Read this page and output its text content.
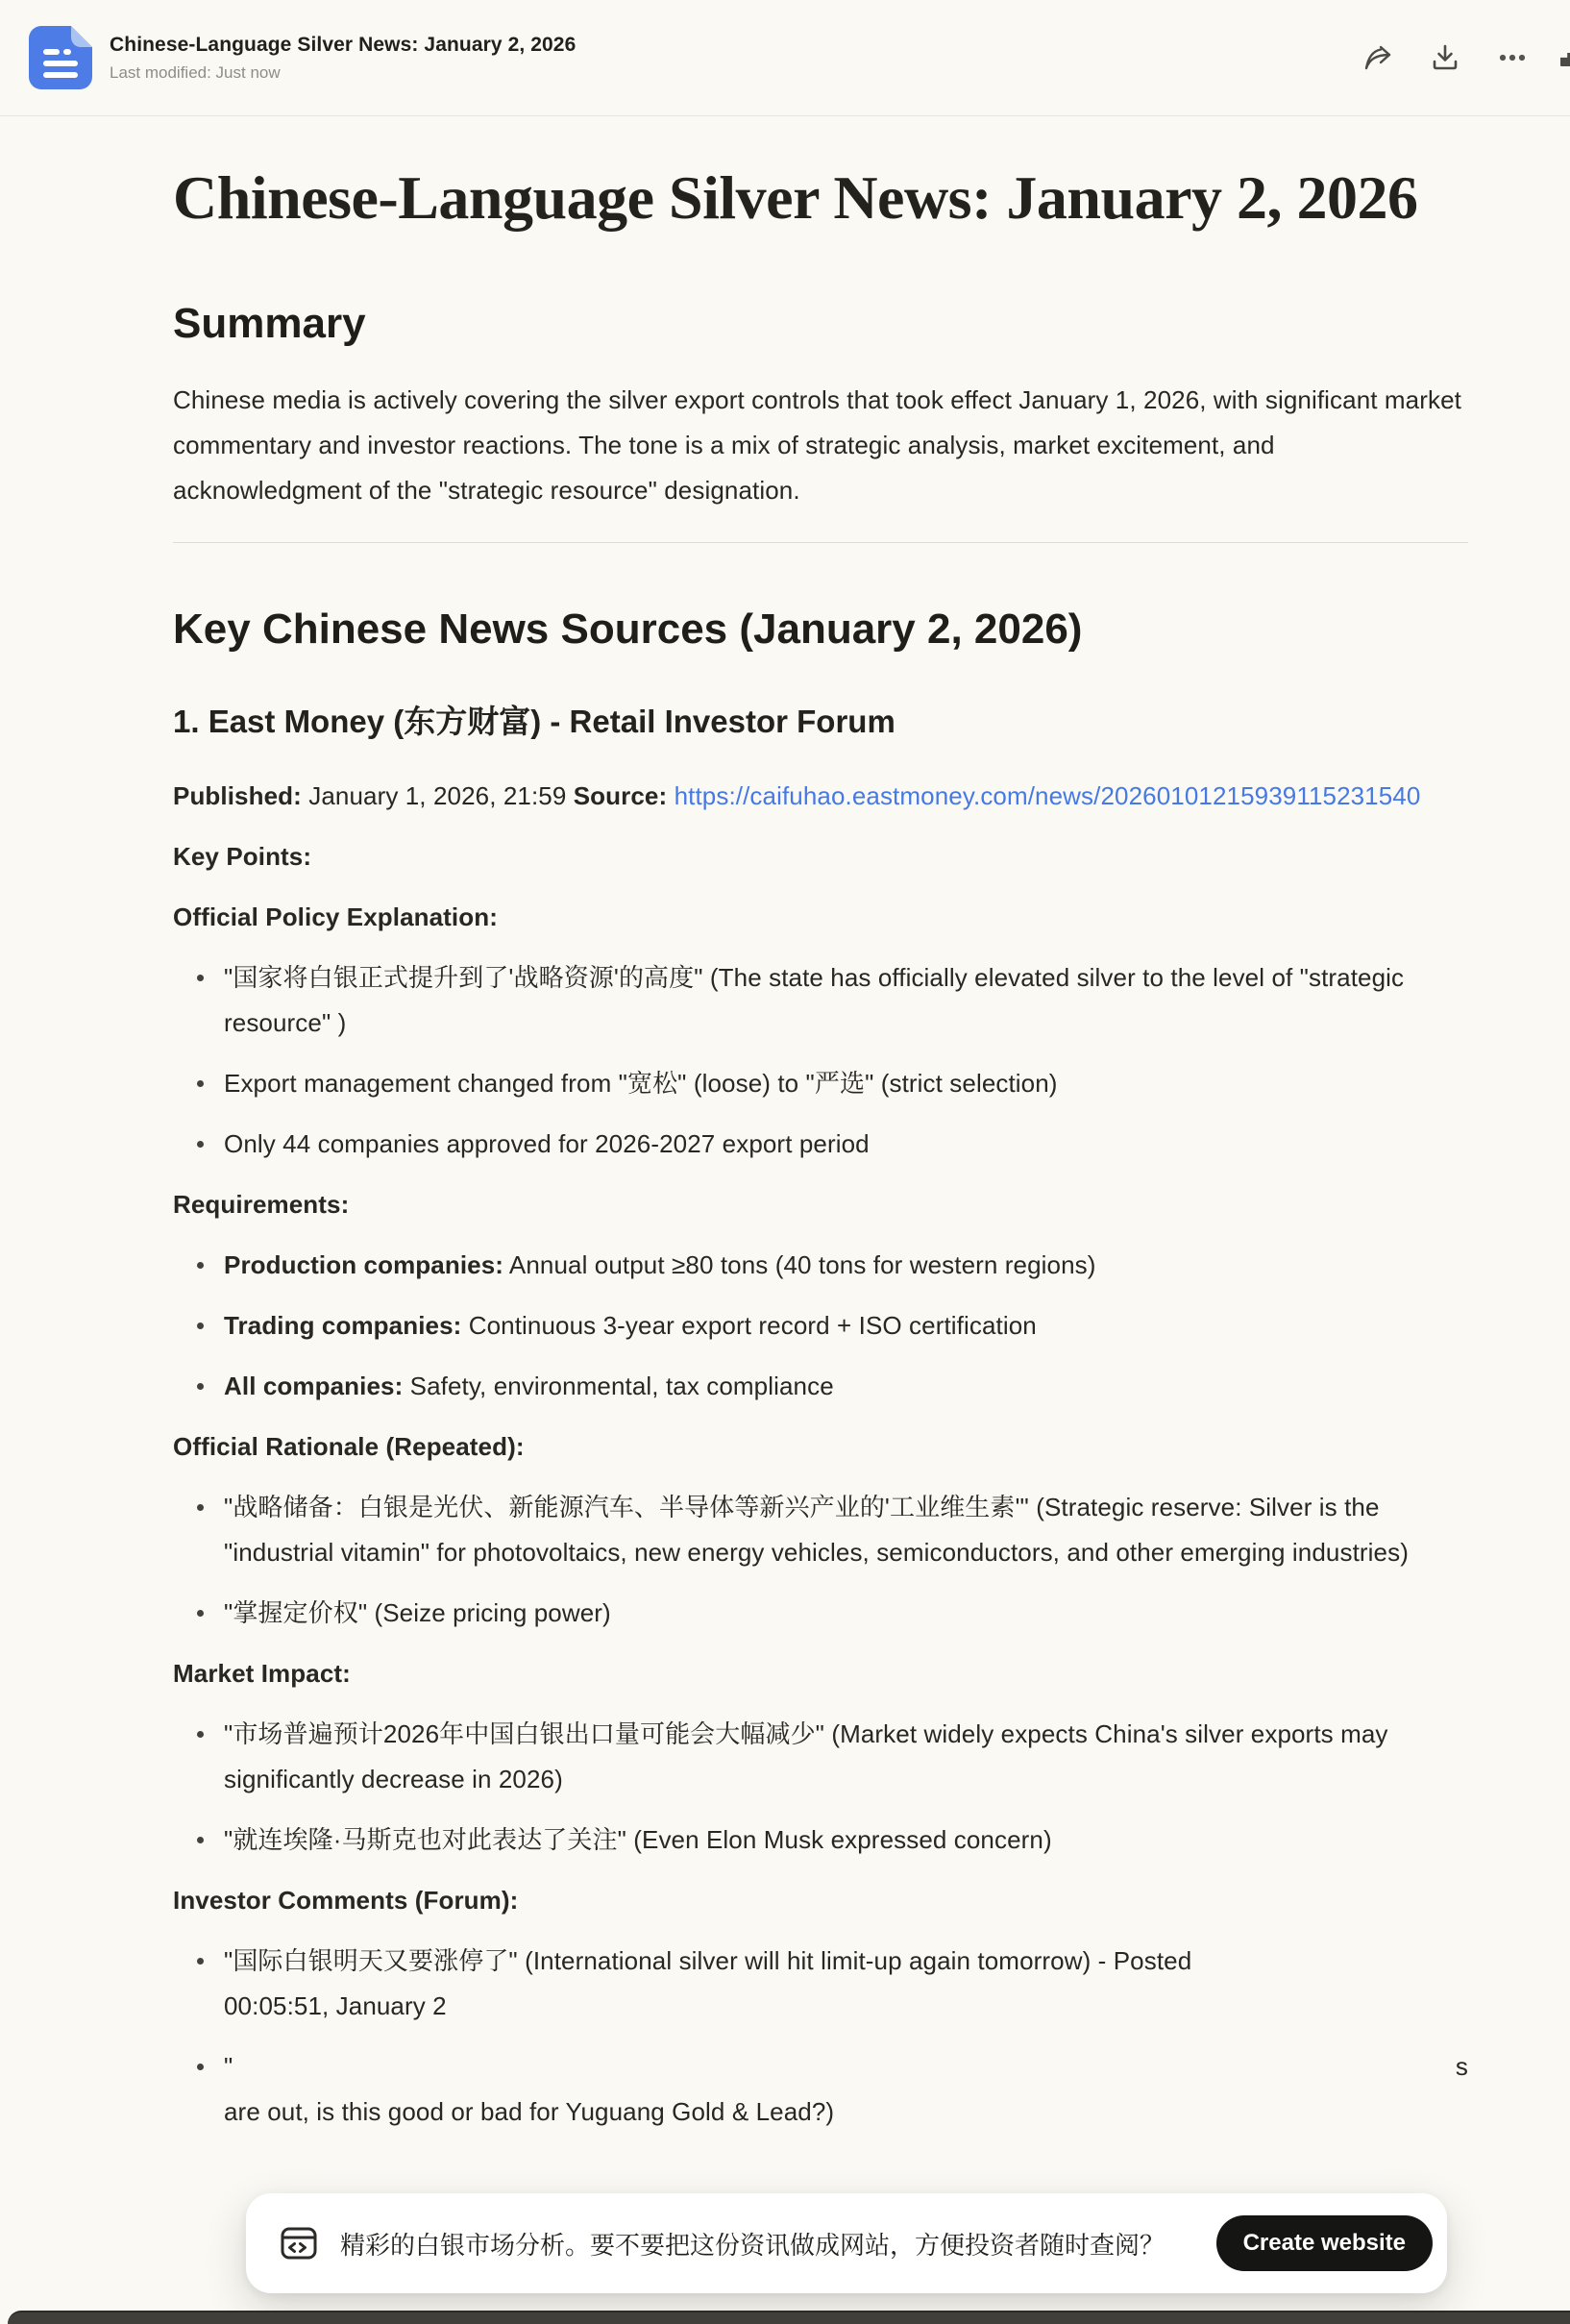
Chinese-Language Silver News: January 2, 2026
Last modified: Just now
Chinese-Language Silver News: January 2, 2026
Summary

Chinese media is actively covering the silver export controls that took effect January 1, 2026, with significant market commentary and investor reactions. The tone is a mix of strategic analysis, market excitement, and acknowledgment of the "strategic resource" designation.

Key Chinese News Sources (January 2, 2026)
1. East Money (东方财富) - Retail Investor Forum

Published: January 1, 2026, 21:59 Source: https://caifuhao.eastmoney.com/news/20260101215939115231540

Key Points:

Official Policy Explanation:

"国家将白银正式提升到了'战略资源'的高度" (The state has officially elevated silver to the level of "strategic resource" )
Export management changed from "宽松" (loose) to "严选" (strict selection)
Only 44 companies approved for 2026-2027 export period

Requirements:

Production companies: Annual output ≥80 tons (40 tons for western regions)
Trading companies: Continuous 3-year export record + ISO certification
All companies: Safety, environmental, tax compliance

Official Rationale (Repeated):

"战略储备：白银是光伏、新能源汽车、半导体等新兴产业的'工业维生素'" (Strategic reserve: Silver is the "industrial vitamin" for photovoltaics, new energy vehicles, semiconductors, and other emerging industries)
"掌握定价权" (Seize pricing power)

Market Impact:

"市场普遍预计2026年中国白银出口量可能会大幅减少" (Market widely expects China's silver exports may significantly decrease in 2026)
"就连埃隆·马斯克也对此表达了关注" (Even Elon Musk expressed concern)

Investor Comments (Forum):

"国际白银明天又要涨停了" (International silver will hit limit-up again tomorrow) - Posted
00:05:51, January 2
"	s
are out, is this good or bad for Yuguang Gold & Lead?)
精彩的白银市场分析。要不要把这份资讯做成网站，方便投资者随时查阅？	Create website
